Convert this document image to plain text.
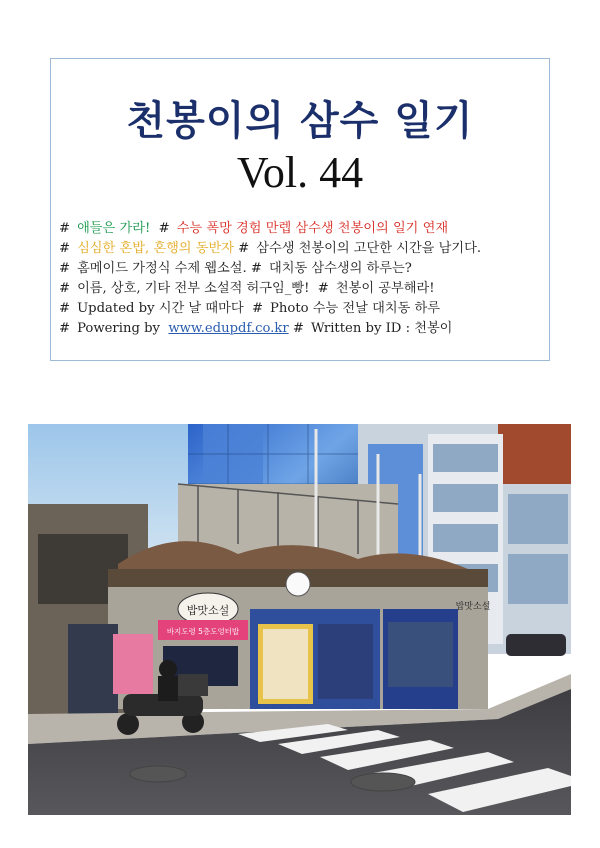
천봉이의 삼수 일기
Vol. 44
# 애들은 가라! # 수능 폭망 경험 만렙 삼수생 천봉이의 일기 연재
# 심심한 혼밥, 혼행의 동반자 # 삼수생 천봉이의 고단한 시간을 남기다.
# 홈메이드 가정식 수제 웹소설. # 대치동 삼수생의 하루는?
# 이름, 상호, 기타 전부 소설적 허구임_빵! # 천봉이 공부해라!
# Updated by 시간 날 때마다 # Photo 수능 전날 대치동 하루
# Powering by www.edupdf.co.kr # Written by ID : 천봉이
밥맛소설
바지도령 5층도엉터밥
밥맛소설
